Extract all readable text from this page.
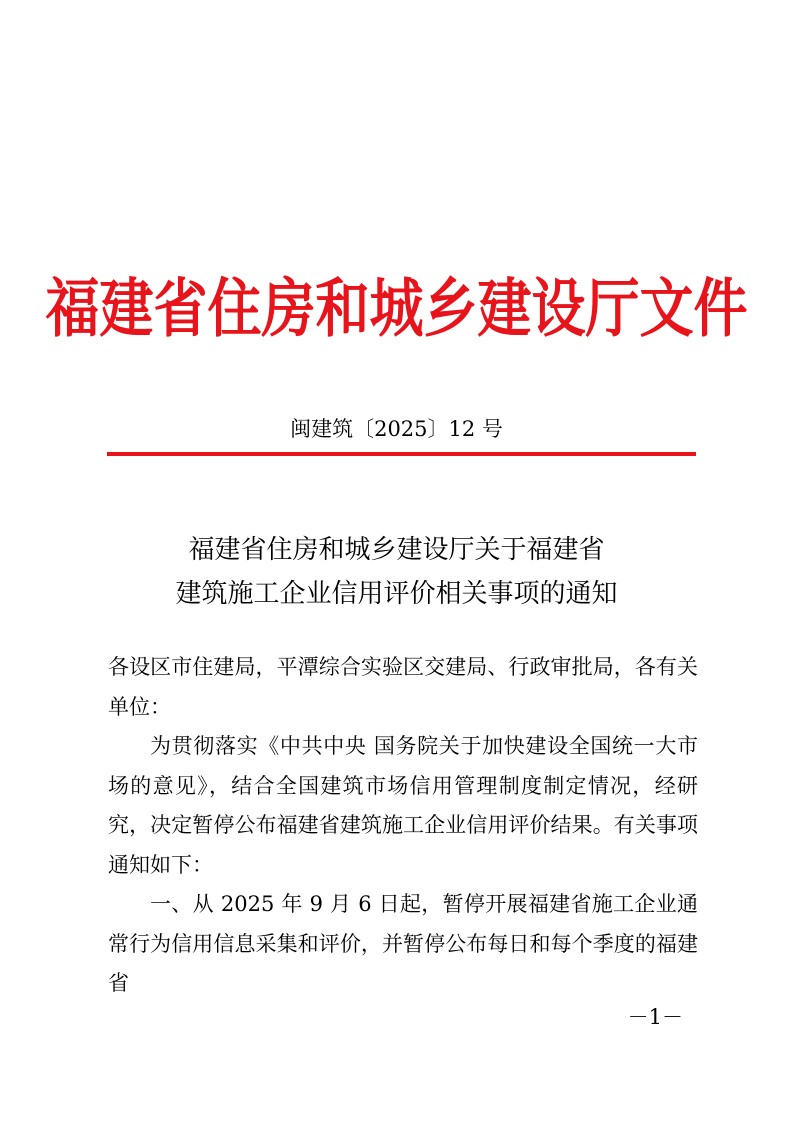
福建省住房和城乡建设厅文件
闽建筑〔2025〕12 号
福建省住房和城乡建设厅关于福建省
建筑施工企业信用评价相关事项的通知

各设区市住建局，平潭综合实验区交建局、行政审批局，各有关单位：

为贯彻落实《中共中央 国务院关于加快建设全国统一大市场的意见》，结合全国建筑市场信用管理制度制定情况，经研究，决定暂停公布福建省建筑施工企业信用评价结果。有关事项通知如下：

一、从 2025 年 9 月 6 日起，暂停开展福建省施工企业通常行为信用信息采集和评价，并暂停公布每日和每个季度的福建省

－1－
